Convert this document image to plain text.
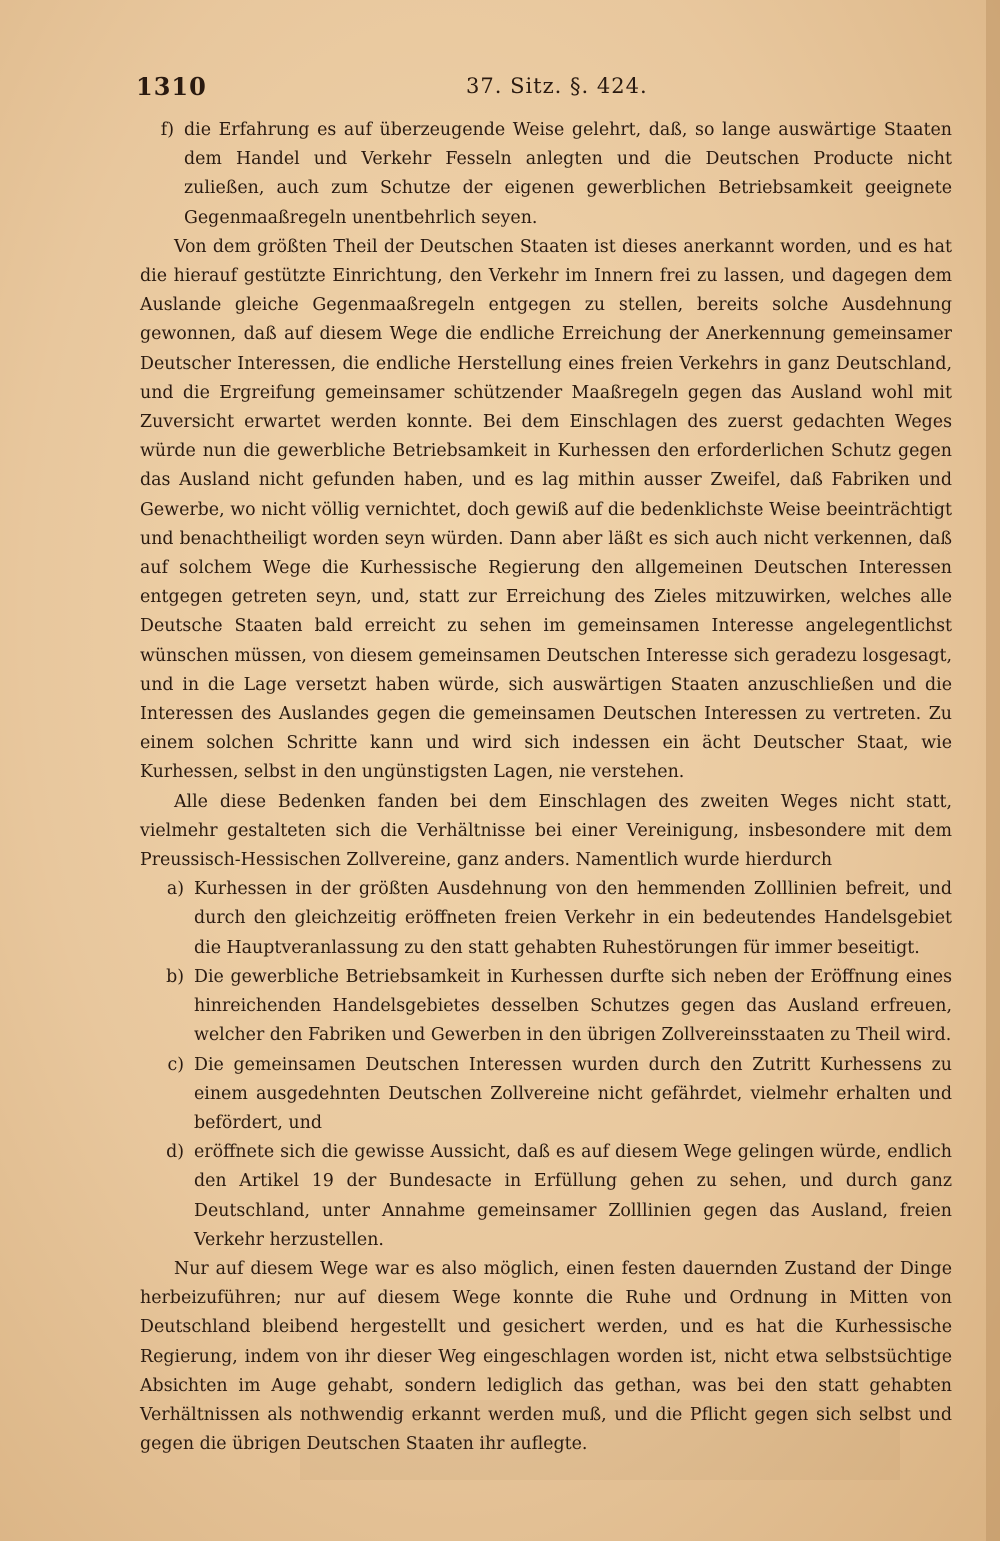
1310	37. Sitz. §. 424.
f) die Erfahrung es auf überzeugende Weise gelehrt, daß, so lange auswärtige Staaten dem Handel und Verkehr Fesseln anlegten und die Deutschen Producte nicht zuließen, auch zum Schutze der eigenen gewerblichen Betriebsamkeit geeignete Gegenmaaßregeln unentbehrlich seyen.

Von dem größten Theil der Deutschen Staaten ist dieses anerkannt worden, und es hat die hierauf gestützte Einrichtung, den Verkehr im Innern frei zu lassen, und dagegen dem Auslande gleiche Gegenmaaßregeln entgegen zu stellen, bereits solche Ausdehnung gewonnen, daß auf diesem Wege die endliche Erreichung der Anerkennung gemeinsamer Deutscher Interessen, die endliche Herstellung eines freien Verkehrs in ganz Deutschland, und die Ergreifung gemeinsamer schützender Maaßregeln gegen das Ausland wohl mit Zuversicht erwartet werden konnte. Bei dem Einschlagen des zuerst gedachten Weges würde nun die gewerbliche Betriebsamkeit in Kurhessen den erforderlichen Schutz gegen das Ausland nicht gefunden haben, und es lag mithin ausser Zweifel, daß Fabriken und Gewerbe, wo nicht völlig vernichtet, doch gewiß auf die bedenklichste Weise beeinträchtigt und benachtheiligt worden seyn würden. Dann aber läßt es sich auch nicht verkennen, daß auf solchem Wege die Kurhessische Regierung den allgemeinen Deutschen Interessen entgegen getreten seyn, und, statt zur Erreichung des Zieles mitzuwirken, welches alle Deutsche Staaten bald erreicht zu sehen im gemeinsamen Interesse angelegentlichst wünschen müssen, von diesem gemeinsamen Deutschen Interesse sich geradezu losgesagt, und in die Lage versetzt haben würde, sich auswärtigen Staaten anzuschließen und die Interessen des Auslandes gegen die gemeinsamen Deutschen Interessen zu vertreten. Zu einem solchen Schritte kann und wird sich indessen ein ächt Deutscher Staat, wie Kurhessen, selbst in den ungünstigsten Lagen, nie verstehen.

Alle diese Bedenken fanden bei dem Einschlagen des zweiten Weges nicht statt, vielmehr gestalteten sich die Verhältnisse bei einer Vereinigung, insbesondere mit dem Preussisch-Hessischen Zollvereine, ganz anders. Namentlich wurde hierdurch

a) Kurhessen in der größten Ausdehnung von den hemmenden Zolllinien befreit, und durch den gleichzeitig eröffneten freien Verkehr in ein bedeutendes Handelsgebiet die Hauptveranlassung zu den statt gehabten Ruhestörungen für immer beseitigt.
b) Die gewerbliche Betriebsamkeit in Kurhessen durfte sich neben der Eröffnung eines hinreichenden Handelsgebietes desselben Schutzes gegen das Ausland erfreuen, welcher den Fabriken und Gewerben in den übrigen Zollvereinsstaaten zu Theil wird.
c) Die gemeinsamen Deutschen Interessen wurden durch den Zutritt Kurhessens zu einem ausgedehnten Deutschen Zollvereine nicht gefährdet, vielmehr erhalten und befördert, und
d) eröffnete sich die gewisse Aussicht, daß es auf diesem Wege gelingen würde, endlich den Artikel 19 der Bundesacte in Erfüllung gehen zu sehen, und durch ganz Deutschland, unter Annahme gemeinsamer Zolllinien gegen das Ausland, freien Verkehr herzustellen.

Nur auf diesem Wege war es also möglich, einen festen dauernden Zustand der Dinge herbeizuführen; nur auf diesem Wege konnte die Ruhe und Ordnung in Mitten von Deutschland bleibend hergestellt und gesichert werden, und es hat die Kurhessische Regierung, indem von ihr dieser Weg eingeschlagen worden ist, nicht etwa selbstsüchtige Absichten im Auge gehabt, sondern lediglich das gethan, was bei den statt gehabten Verhältnissen als nothwendig erkannt werden muß, und die Pflicht gegen sich selbst und gegen die übrigen Deutschen Staaten ihr auflegte.
